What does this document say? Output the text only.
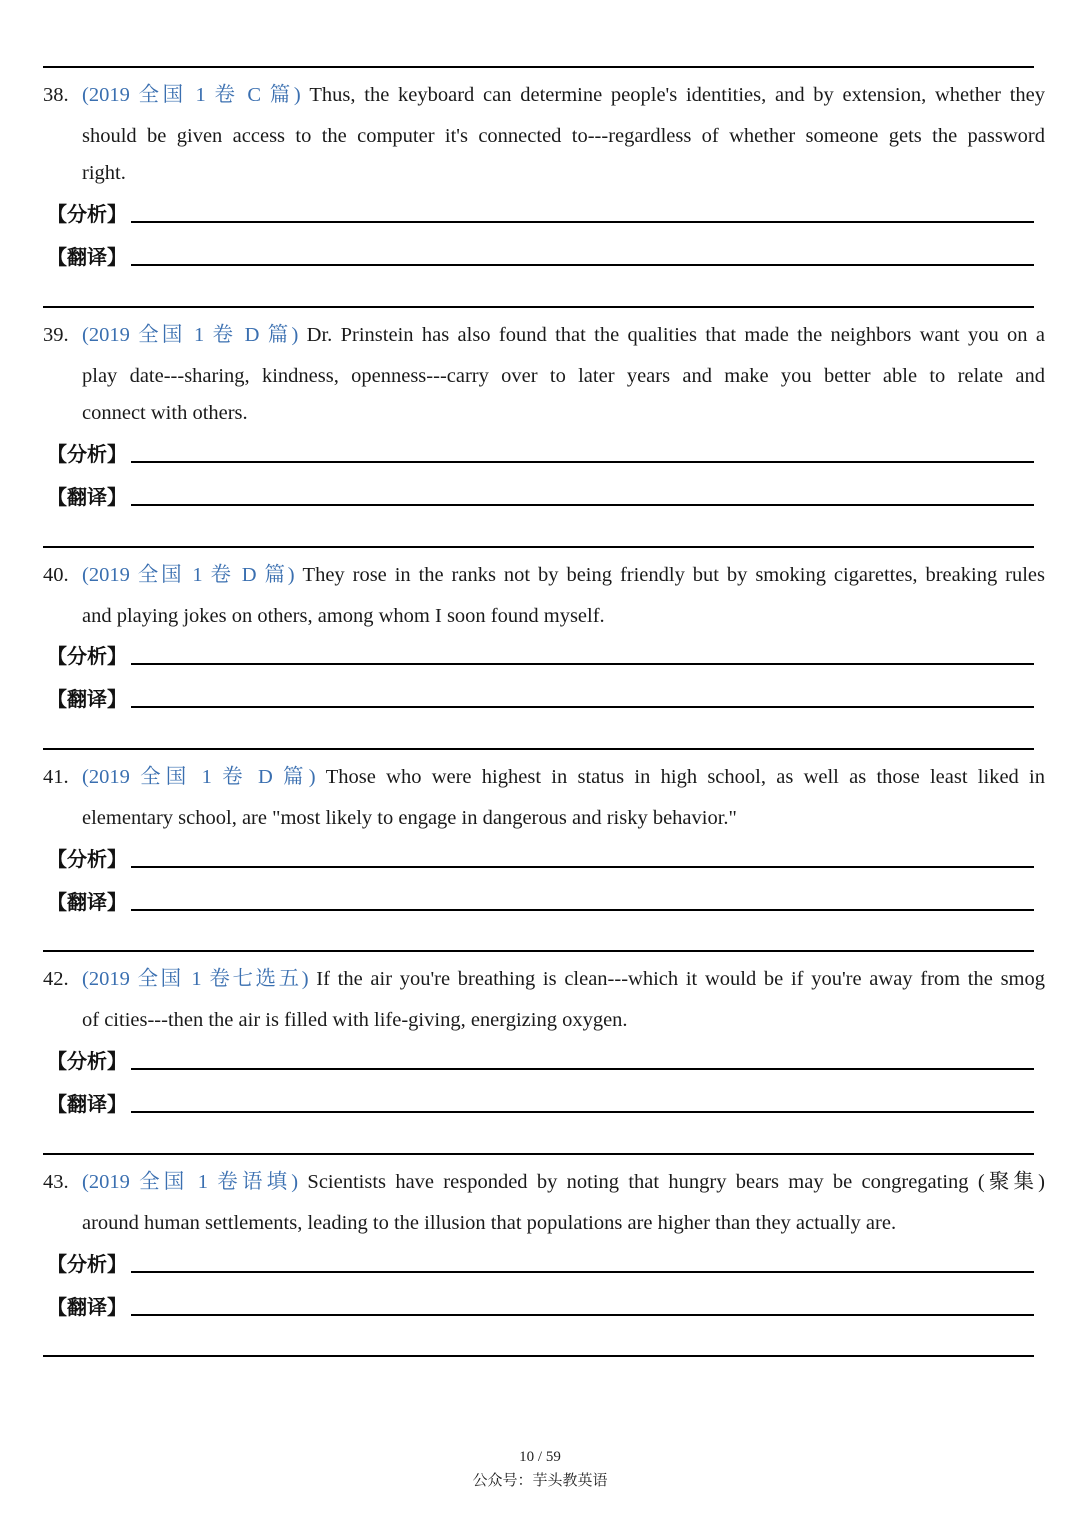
38. (2019 全国 1 卷 C 篇) Thus, the keyboard can determine people's identities, and by extension, whether they
should be given access to the computer it's connected to---regardless of whether someone gets the password
right.
【分析】
【翻译】
39. (2019 全国 1 卷 D 篇) Dr. Prinstein has also found that the qualities that made the neighbors want you on a
play date---sharing, kindness, openness---carry over to later years and make you better able to relate and
connect with others.
【分析】
【翻译】
40. (2019 全国 1 卷 D 篇) They rose in the ranks not by being friendly but by smoking cigarettes, breaking rules
and playing jokes on others, among whom I soon found myself.
【分析】
【翻译】
41. (2019 全国 1 卷 D 篇) Those who were highest in status in high school, as well as those least liked in
elementary school, are "most likely to engage in dangerous and risky behavior."
【分析】
【翻译】
42. (2019 全国 1 卷七选五) If the air you're breathing is clean---which it would be if you're away from the smog
of cities---then the air is filled with life-giving, energizing oxygen.
【分析】
【翻译】
43. (2019 全国 1 卷语填) Scientists have responded by noting that hungry bears may be congregating (聚集)
around human settlements, leading to the illusion that populations are higher than they actually are.
【分析】
【翻译】
10 / 59
公众号：芋头教英语
